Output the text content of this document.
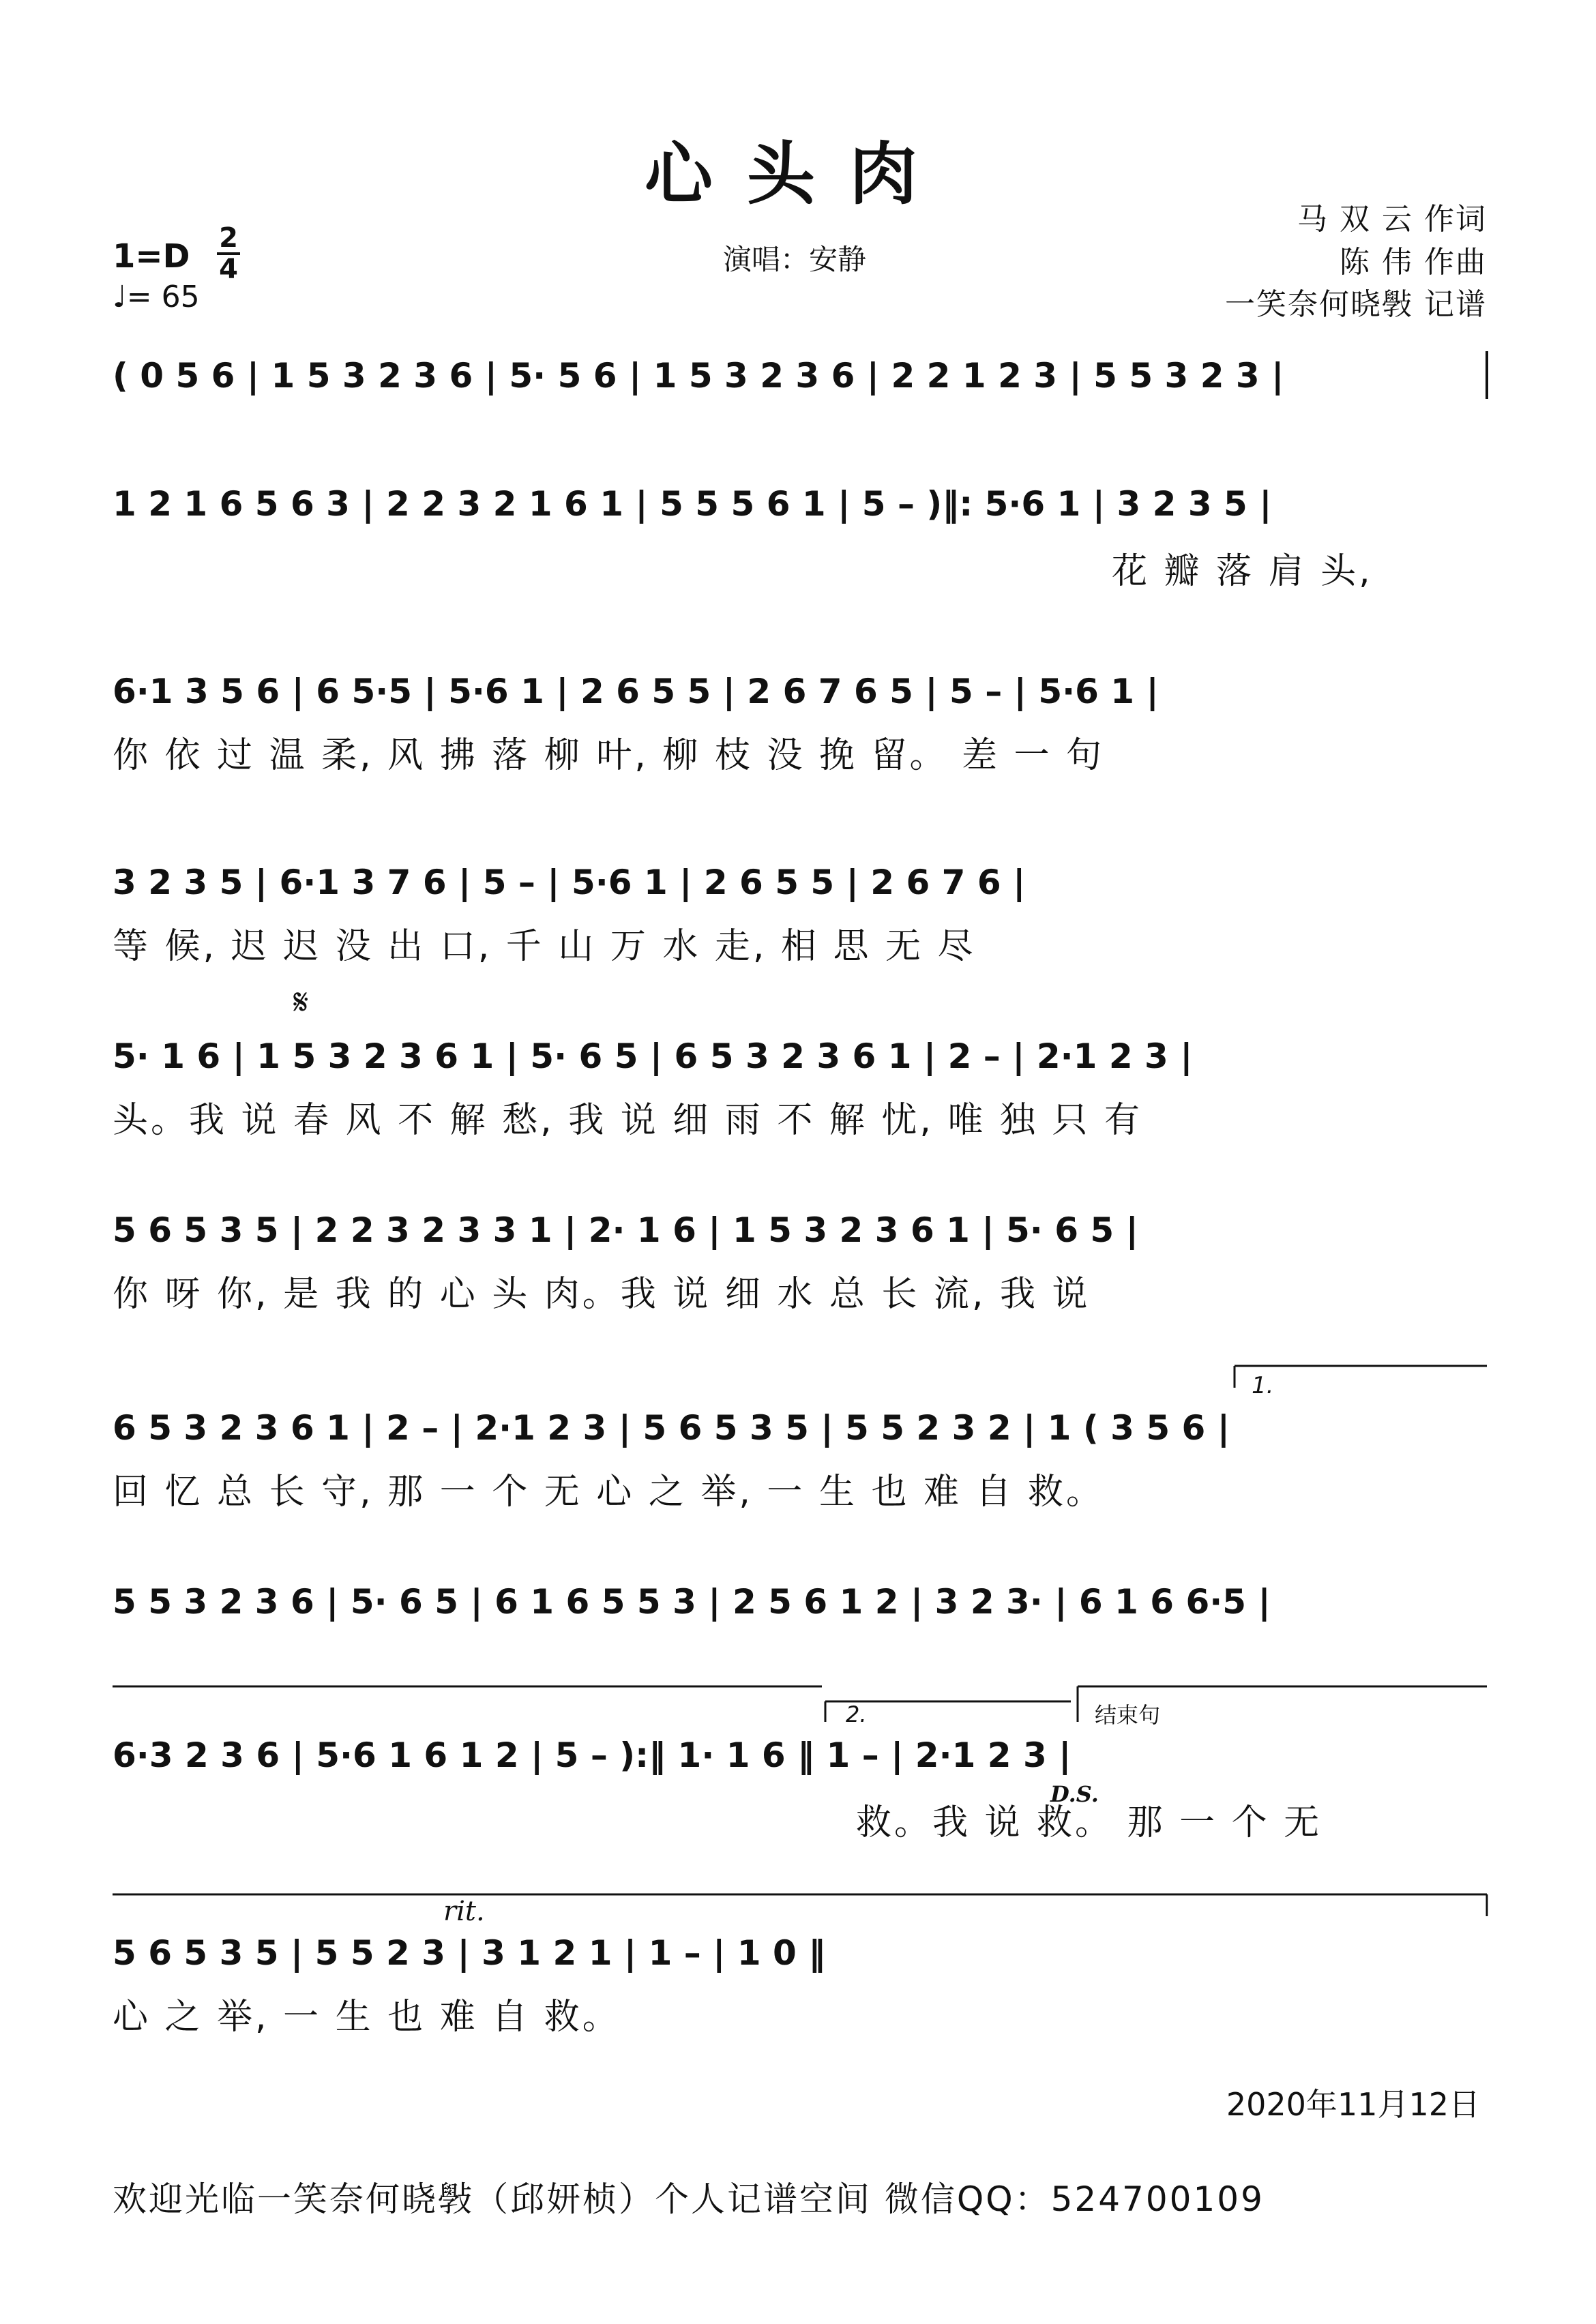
心头肉
1=D 2
4
♩= 65
演唱：安静
马 双 云 作词
陈 伟 作曲
一笑奈何晓斅 记谱
( 0 5 6 | 1 5 3 2 3 6 | 5· 5 6 | 1 5 3 2 3 6 | 2 2 1 2 3 | 5 5 3 2 3 |
1 2 1 6 5 6 3 | 2 2 3 2 1 6 1 | 5 5 5 6 1 | 5 – )‖: 5·6 1 | 3 2 3 5 |
花 瓣 落 肩 头,
6·1 3 5 6 | 6 5·5 | 5·6 1 | 2 6 5 5 | 2 6 7 6 5 | 5 – | 5·6 1 |
你 依 过 温 柔, 风 拂 落 柳 叶, 柳 枝 没 挽 留。 差 一 句
3 2 3 5 | 6·1 3 7 6 | 5 – | 5·6 1 | 2 6 5 5 | 2 6 7 6 |
等 候, 迟 迟 没 出 口, 千 山 万 水 走, 相 思 无 尽
𝄋
5· 1 6 | 1 5 3 2 3 6 1 | 5· 6 5 | 6 5 3 2 3 6 1 | 2 – | 2·1 2 3 |
头。我 说 春 风 不 解 愁, 我 说 细 雨 不 解 忧, 唯 独 只 有
5 6 5 3 5 | 2 2 3 2 3 3 1 | 2· 1 6 | 1 5 3 2 3 6 1 | 5· 6 5 |
你 呀 你, 是 我 的 心 头 肉。我 说 细 水 总 长 流, 我 说
1.
6 5 3 2 3 6 1 | 2 – | 2·1 2 3 | 5 6 5 3 5 | 5 5 2 3 2 | 1 ( 3 5 6 |
回 忆 总 长 守, 那 一 个 无 心 之 举, 一 生 也 难 自 救。
5 5 3 2 3 6 | 5· 6 5 | 6 1 6 5 5 3 | 2 5 6 1 2 | 3 2 3· | 6 1 6 6·5 |
2.	结束句
6·3 2 3 6 | 5·6 1 6 1 2 | 5 – ):‖ 1· 1 6 ‖ 1 – | 2·1 2 3 |
D.S.
救。我 说 救。 那 一 个 无
rit.
5 6 5 3 5 | 5 5 2 3 | 3 1 2 1 | 1 – | 1 0 ‖
心 之 举, 一 生 也 难 自 救。
2020年11月12日
欢迎光临一笑奈何晓斅（邱妍桢）个人记谱空间 微信QQ：524700109
